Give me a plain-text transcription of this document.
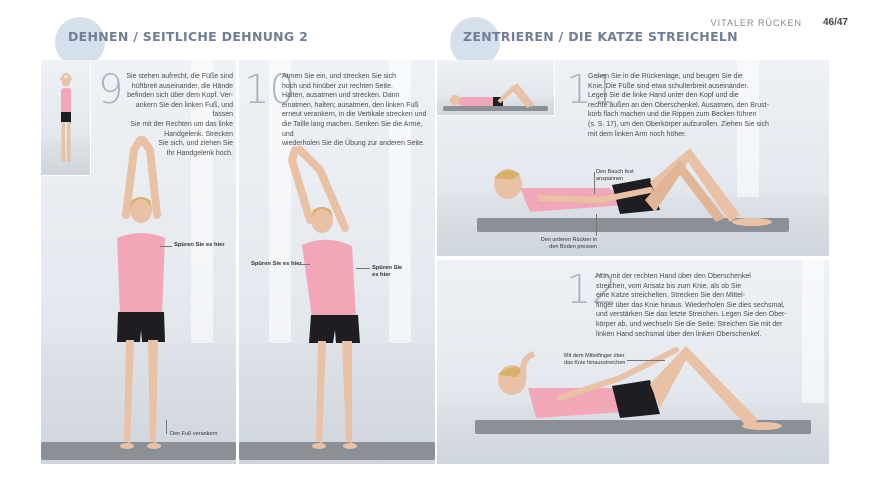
DEHNEN / SEITLICHE DEHNUNG 2	ZENTRIEREN / DIE KATZE STREICHELN
VITALER RÜCKEN 46/47
9 Sie stehen aufrecht, die Füße sind
hüftbreit auseinander, die Hände
befinden sich über dem Kopf. Ver-
ankern Sie den linken Fuß, und fassen
Sie mit der Rechten um das linke
Handgelenk. Strecken
Sie sich, und ziehen Sie
Ihr Handgelenk hoch.
Spüren Sie es hier
Den Fuß verankern
10
Atmen Sie ein, und strecken Sie sich
hoch und hinüber zur rechten Seite.
Halten, ausatmen und strecken. Dann
einatmen, halten; ausatmen, den linken Fuß
erneut verankern, in die Vertikale strecken und
die Taille lang machen. Senken Sie die Arme, und
wiederholen Sie die Übung zur anderen Seite.
Spüren Sie es hier
Spüren Sie
es hier
11
Gehen Sie in die Rückenlage, und beugen Sie die
Knie. Die Füße sind etwa schulterbreit auseinander.
Legen Sie die linke Hand unter den Kopf und die
rechte außen an den Oberschenkel. Ausatmen, den Brust-
korb flach machen und die Rippen zum Becken führen
(s. S. 17), um den Oberkörper aufzurollen. Ziehen Sie sich
mit dem linken Arm noch höher.
Den Bauch fest
anspannen
Den unteren Rücken in
den Boden pressen
12
Nun mit der rechten Hand über den Oberschenkel
streichen, vom Ansatz bis zum Knie, als ob Sie
eine Katze streichelten. Strecken Sie den Mittel-
finger über das Knie hinaus. Wiederholen Sie dies sechsmal,
und verstärken Sie das letzte Streichen. Legen Sie den Ober-
körper ab, und wechseln Sie die Seite: Streichen Sie mit der
linken Hand sechsmal über den linken Oberschenkel.
Mit dem Mittelfinger über
das Knie hinausstreichen
